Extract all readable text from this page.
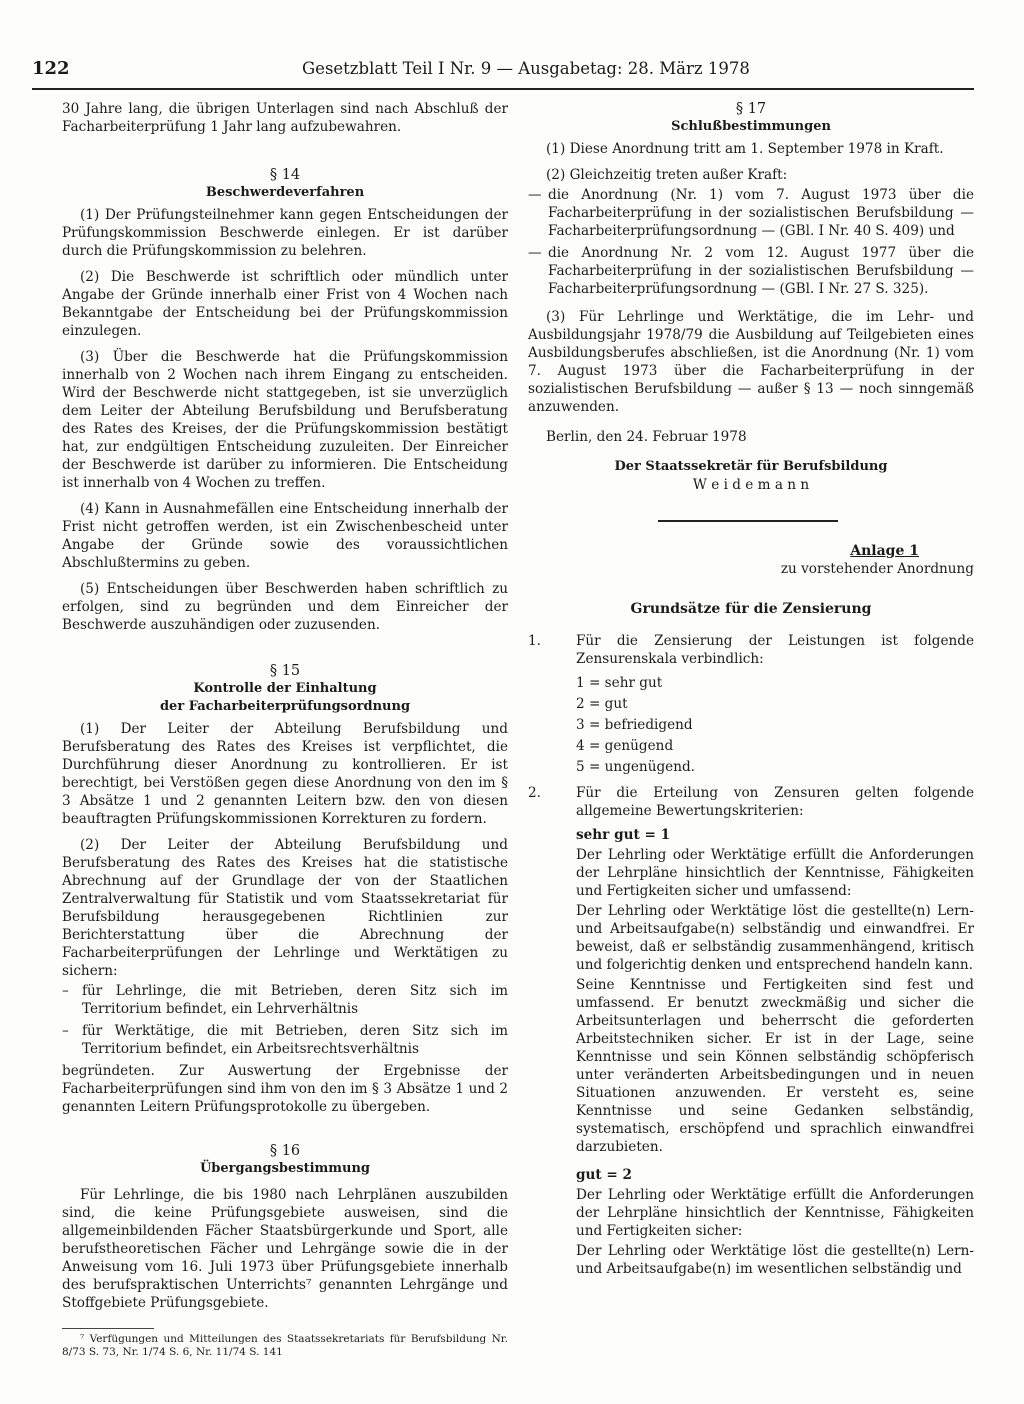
122	Gesetzblatt Teil I Nr. 9 — Ausgabetag: 28. März 1978

30 Jahre lang, die übrigen Unterlagen sind nach Abschluß der Facharbeiterprüfung 1 Jahr lang aufzubewahren.

§ 14
Beschwerdeverfahren

(1) Der Prüfungsteilnehmer kann gegen Entscheidungen der Prüfungskommission Beschwerde einlegen. Er ist darüber durch die Prüfungskommission zu belehren.

(2) Die Beschwerde ist schriftlich oder mündlich unter Angabe der Gründe innerhalb einer Frist von 4 Wochen nach Bekanntgabe der Entscheidung bei der Prüfungskommission einzulegen.

(3) Über die Beschwerde hat die Prüfungskommission innerhalb von 2 Wochen nach ihrem Eingang zu entscheiden. Wird der Beschwerde nicht stattgegeben, ist sie unverzüglich dem Leiter der Abteilung Berufsbildung und Berufsberatung des Rates des Kreises, der die Prüfungskommission bestätigt hat, zur endgültigen Entscheidung zuzuleiten. Der Einreicher der Beschwerde ist darüber zu informieren. Die Entscheidung ist innerhalb von 4 Wochen zu treffen.

(4) Kann in Ausnahmefällen eine Entscheidung innerhalb der Frist nicht getroffen werden, ist ein Zwischenbescheid unter Angabe der Gründe sowie des voraussichtlichen Abschlußtermins zu geben.

(5) Entscheidungen über Beschwerden haben schriftlich zu erfolgen, sind zu begründen und dem Einreicher der Beschwerde auszuhändigen oder zuzusenden.

§ 15
Kontrolle der Einhaltung
der Facharbeiterprüfungsordnung

(1) Der Leiter der Abteilung Berufsbildung und Berufsberatung des Rates des Kreises ist verpflichtet, die Durchführung dieser Anordnung zu kontrollieren. Er ist berechtigt, bei Verstößen gegen diese Anordnung von den im § 3 Absätze 1 und 2 genannten Leitern bzw. den von diesen beauftragten Prüfungskommissionen Korrekturen zu fordern.

(2) Der Leiter der Abteilung Berufsbildung und Berufsberatung des Rates des Kreises hat die statistische Abrechnung auf der Grundlage der von der Staatlichen Zentralverwaltung für Statistik und vom Staatssekretariat für Berufsbildung herausgegebenen Richtlinien zur Berichterstattung über die Abrechnung der Facharbeiterprüfungen der Lehrlinge und Werktätigen zu sichern:

– für Lehrlinge, die mit Betrieben, deren Sitz sich im Territorium befindet, ein Lehrverhältnis
– für Werktätige, die mit Betrieben, deren Sitz sich im Territorium befindet, ein Arbeitsrechtsverhältnis

begründeten. Zur Auswertung der Ergebnisse der Facharbeiterprüfungen sind ihm von den im § 3 Absätze 1 und 2 genannten Leitern Prüfungsprotokolle zu übergeben.

§ 16
Übergangsbestimmung

Für Lehrlinge, die bis 1980 nach Lehrplänen auszubilden sind, die keine Prüfungsgebiete ausweisen, sind die allgemeinbildenden Fächer Staatsbürgerkunde und Sport, alle berufstheoretischen Fächer und Lehrgänge sowie die in der Anweisung vom 16. Juli 1973 über Prüfungsgebiete innerhalb des berufspraktischen Unterrichts⁷ genannten Lehrgänge und Stoffgebiete Prüfungsgebiete.

⁷ Verfügungen und Mitteilungen des Staatssekretariats für Berufsbildung Nr. 8/73 S. 73, Nr. 1/74 S. 6, Nr. 11/74 S. 141

§ 17
Schlußbestimmungen

(1) Diese Anordnung tritt am 1. September 1978 in Kraft.

(2) Gleichzeitig treten außer Kraft:

— die Anordnung (Nr. 1) vom 7. August 1973 über die Facharbeiterprüfung in der sozialistischen Berufsbildung — Facharbeiterprüfungsordnung — (GBl. I Nr. 40 S. 409) und
— die Anordnung Nr. 2 vom 12. August 1977 über die Facharbeiterprüfung in der sozialistischen Berufsbildung — Facharbeiterprüfungsordnung — (GBl. I Nr. 27 S. 325).

(3) Für Lehrlinge und Werktätige, die im Lehr- und Ausbildungsjahr 1978/79 die Ausbildung auf Teilgebieten eines Ausbildungsberufes abschließen, ist die Anordnung (Nr. 1) vom 7. August 1973 über die Facharbeiterprüfung in der sozialistischen Berufsbildung — außer § 13 — noch sinngemäß anzuwenden.

Berlin, den 24. Februar 1978

Der Staatssekretär für Berufsbildung
W e i d e m a n n

Anlage 1

zu vorstehender Anordnung

Grundsätze für die Zensierung
1.	Für die Zensierung der Leistungen ist folgende Zensurenskala verbindlich:
1 = sehr gut
2 = gut
3 = befriedigend
4 = genügend
5 = ungenügend.
2.	Für die Erteilung von Zensuren gelten folgende allgemeine Bewertungskriterien:
sehr gut = 1

Der Lehrling oder Werktätige erfüllt die Anforderungen der Lehrpläne hinsichtlich der Kenntnisse, Fähigkeiten und Fertigkeiten sicher und umfassend:

Der Lehrling oder Werktätige löst die gestellte(n) Lern- und Arbeitsaufgabe(n) selbständig und einwandfrei. Er beweist, daß er selbständig zusammenhängend, kritisch und folgerichtig denken und entsprechend handeln kann.

Seine Kenntnisse und Fertigkeiten sind fest und umfassend. Er benutzt zweckmäßig und sicher die Arbeitsunterlagen und beherrscht die geforderten Arbeitstechniken sicher. Er ist in der Lage, seine Kenntnisse und sein Können selbständig schöpferisch unter veränderten Arbeitsbedingungen und in neuen Situationen anzuwenden. Er versteht es, seine Kenntnisse und seine Gedanken selbständig, systematisch, erschöpfend und sprachlich einwandfrei darzubieten.

gut = 2

Der Lehrling oder Werktätige erfüllt die Anforderungen der Lehrpläne hinsichtlich der Kenntnisse, Fähigkeiten und Fertigkeiten sicher:

Der Lehrling oder Werktätige löst die gestellte(n) Lern- und Arbeitsaufgabe(n) im wesentlichen selbständig und
